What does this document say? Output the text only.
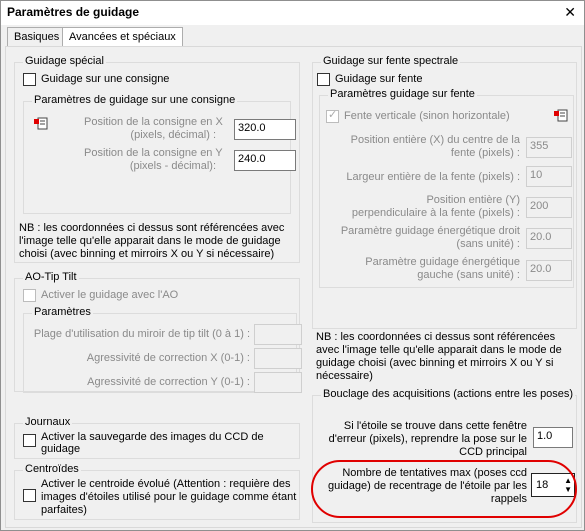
Paramètres de guidage	✕
Basiques Avancées et spéciaux
Guidage spécial
Guidage sur une consigne
Paramètres de guidage sur une consigne
Position de la consigne en X
(pixels, décimal) :
320.0
Position de la consigne en Y
(pixels - décimal):
240.0
NB : les coordonnées ci dessus sont référencées avec l'image telle qu'elle apparait dans le mode de guidage choisi (avec binning et mirroirs X ou Y si nécessaire)
AO-Tip Tilt
Activer le guidage avec l'AO
Paramètres
Plage d'utilisation du miroir de tip tilt (0 à 1) :
Agressivité de correction X (0-1) :
Agressivité de correction Y (0-1) :
Journaux
Activer la sauvegarde des images du CCD de
guidage
Centroïdes
Activer le centroide évolué (Attention : requière des
images d'étoiles utilisé pour le guidage comme étant
parfaites)
Guidage sur fente spectrale
Guidage sur fente
Paramètres guidage sur fente
✓
Fente verticale (sinon horizontale)
Position entière (X) du centre de la
fente (pixels) :
355
Largeur entière de la fente (pixels) : 10
Position entière (Y)
perpendiculaire à la fente (pixels) :
200
Paramètre guidage énergétique droit
(sans unité) :
20.0
Paramètre guidage énergétique
gauche (sans unité) : 20.0
NB : les coordonnées ci dessus sont référencées avec l'image telle qu'elle apparait dans le mode de guidage choisi (avec binning et mirroirs X ou Y si nécessaire)
Bouclage des acquisitions (actions entre les poses)
Si l'étoile se trouve dans cette fenêtre
d'erreur (pixels), reprendre la pose sur le
CCD principal
1.0
Nombre de tentatives max (poses ccd
guidage) de recentrage de l'étoile par les
rappels
18 ▲
▼
